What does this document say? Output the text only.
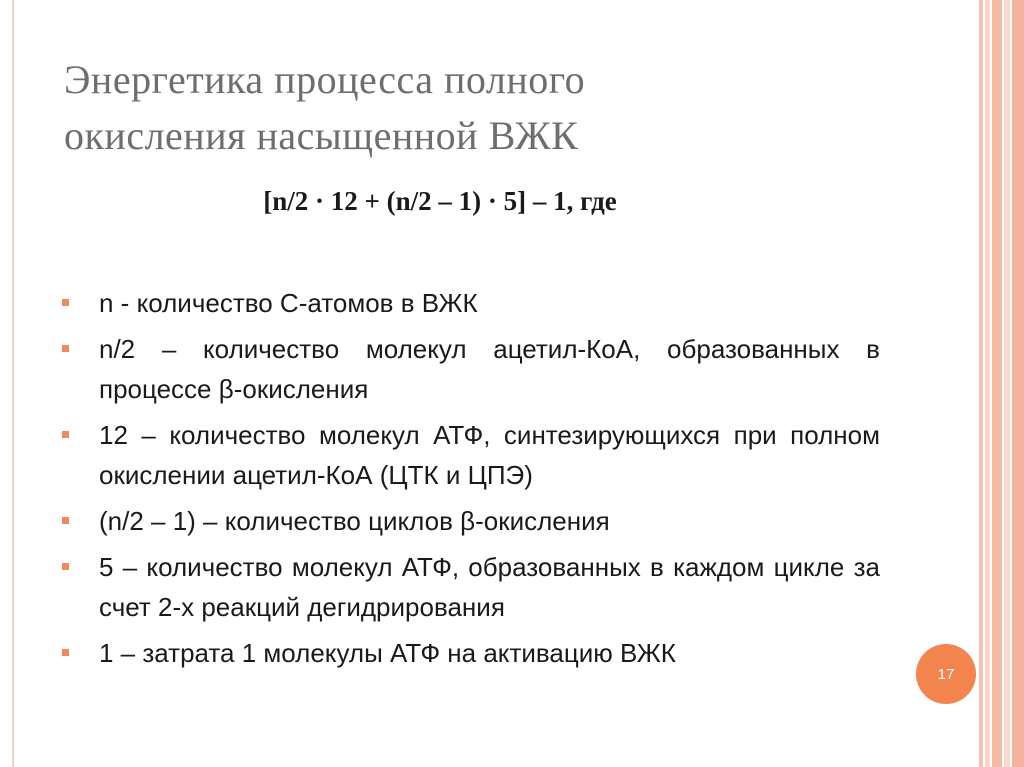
Энергетика процесса полного
окисления насыщенной ВЖК
[n/2 · 12 + (n/2 – 1) · 5] – 1, где
n - количество С-атомов в ВЖК
n/2 – количество молекул ацетил-КоА, образованных в процессе β-окисления
12 – количество молекул АТФ, синтезирующихся при полном окислении ацетил-КоА (ЦТК и ЦПЭ)
(n/2 – 1) – количество циклов β-окисления
5 – количество молекул АТФ, образованных в каждом цикле за счет 2-х реакций дегидрирования
1 – затрата 1 молекулы АТФ на активацию ВЖК
17
